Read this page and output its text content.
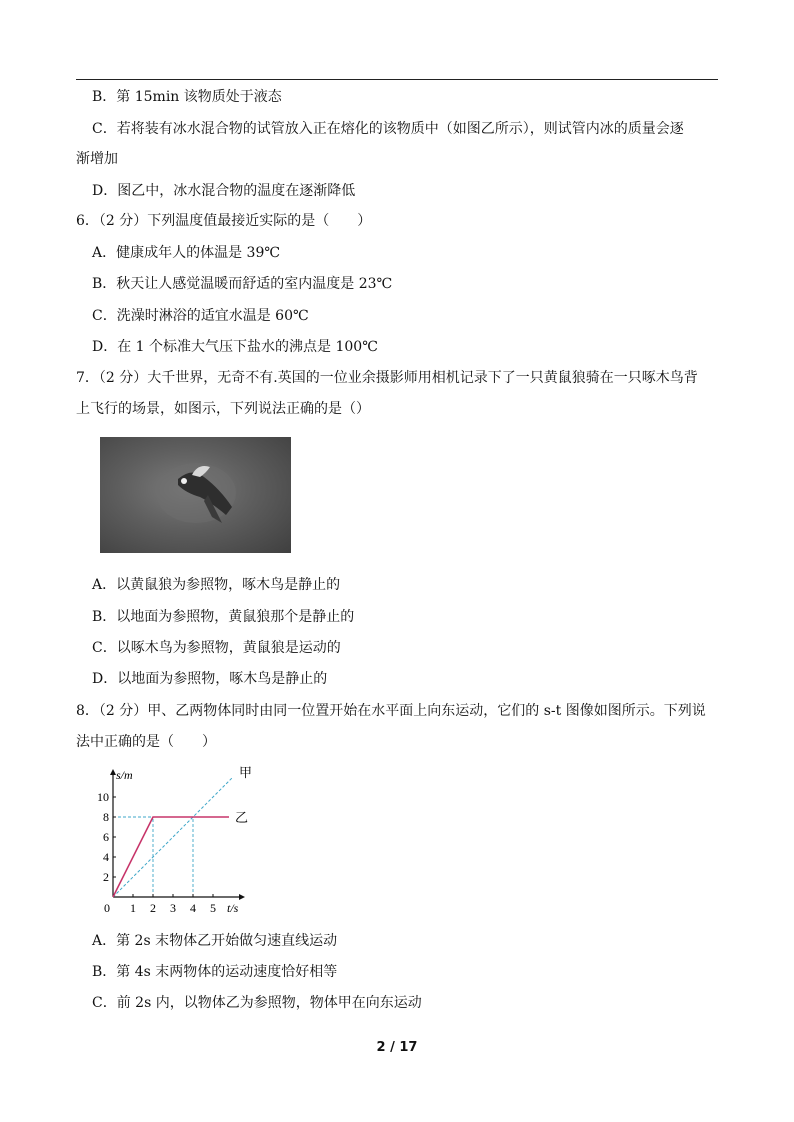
B．第 15min 该物质处于液态
C．若将装有冰水混合物的试管放入正在熔化的该物质中（如图乙所示），则试管内冰的质量会逐
渐增加
D．图乙中，冰水混合物的温度在逐渐降低
6．（2 分）下列温度值最接近实际的是（　　）
A．健康成年人的体温是 39℃
B．秋天让人感觉温暖而舒适的室内温度是 23℃
C．洗澡时淋浴的适宜水温是 60℃
D．在 1 个标准大气压下盐水的沸点是 100℃
7．（2 分）大千世界，无奇不有.英国的一位业余摄影师用相机记录下了一只黄鼠狼骑在一只啄木鸟背
上飞行的场景，如图示，下列说法正确的是（）
A．以黄鼠狼为参照物，啄木鸟是静止的
B．以地面为参照物，黄鼠狼那个是静止的
C．以啄木鸟为参照物，黄鼠狼是运动的
D．以地面为参照物，啄木鸟是静止的
8．（2 分）甲、乙两物体同时由同一位置开始在水平面上向东运动，它们的 s-t 图像如图所示。下列说
法中正确的是（　　）
0 1 2 3 4 5
2
4
6
8
10
t/s
s/m	甲
乙
A．第 2s 末物体乙开始做匀速直线运动
B．第 4s 末两物体的运动速度恰好相等
C．前 2s 内，以物体乙为参照物，物体甲在向东运动
2 / 17
